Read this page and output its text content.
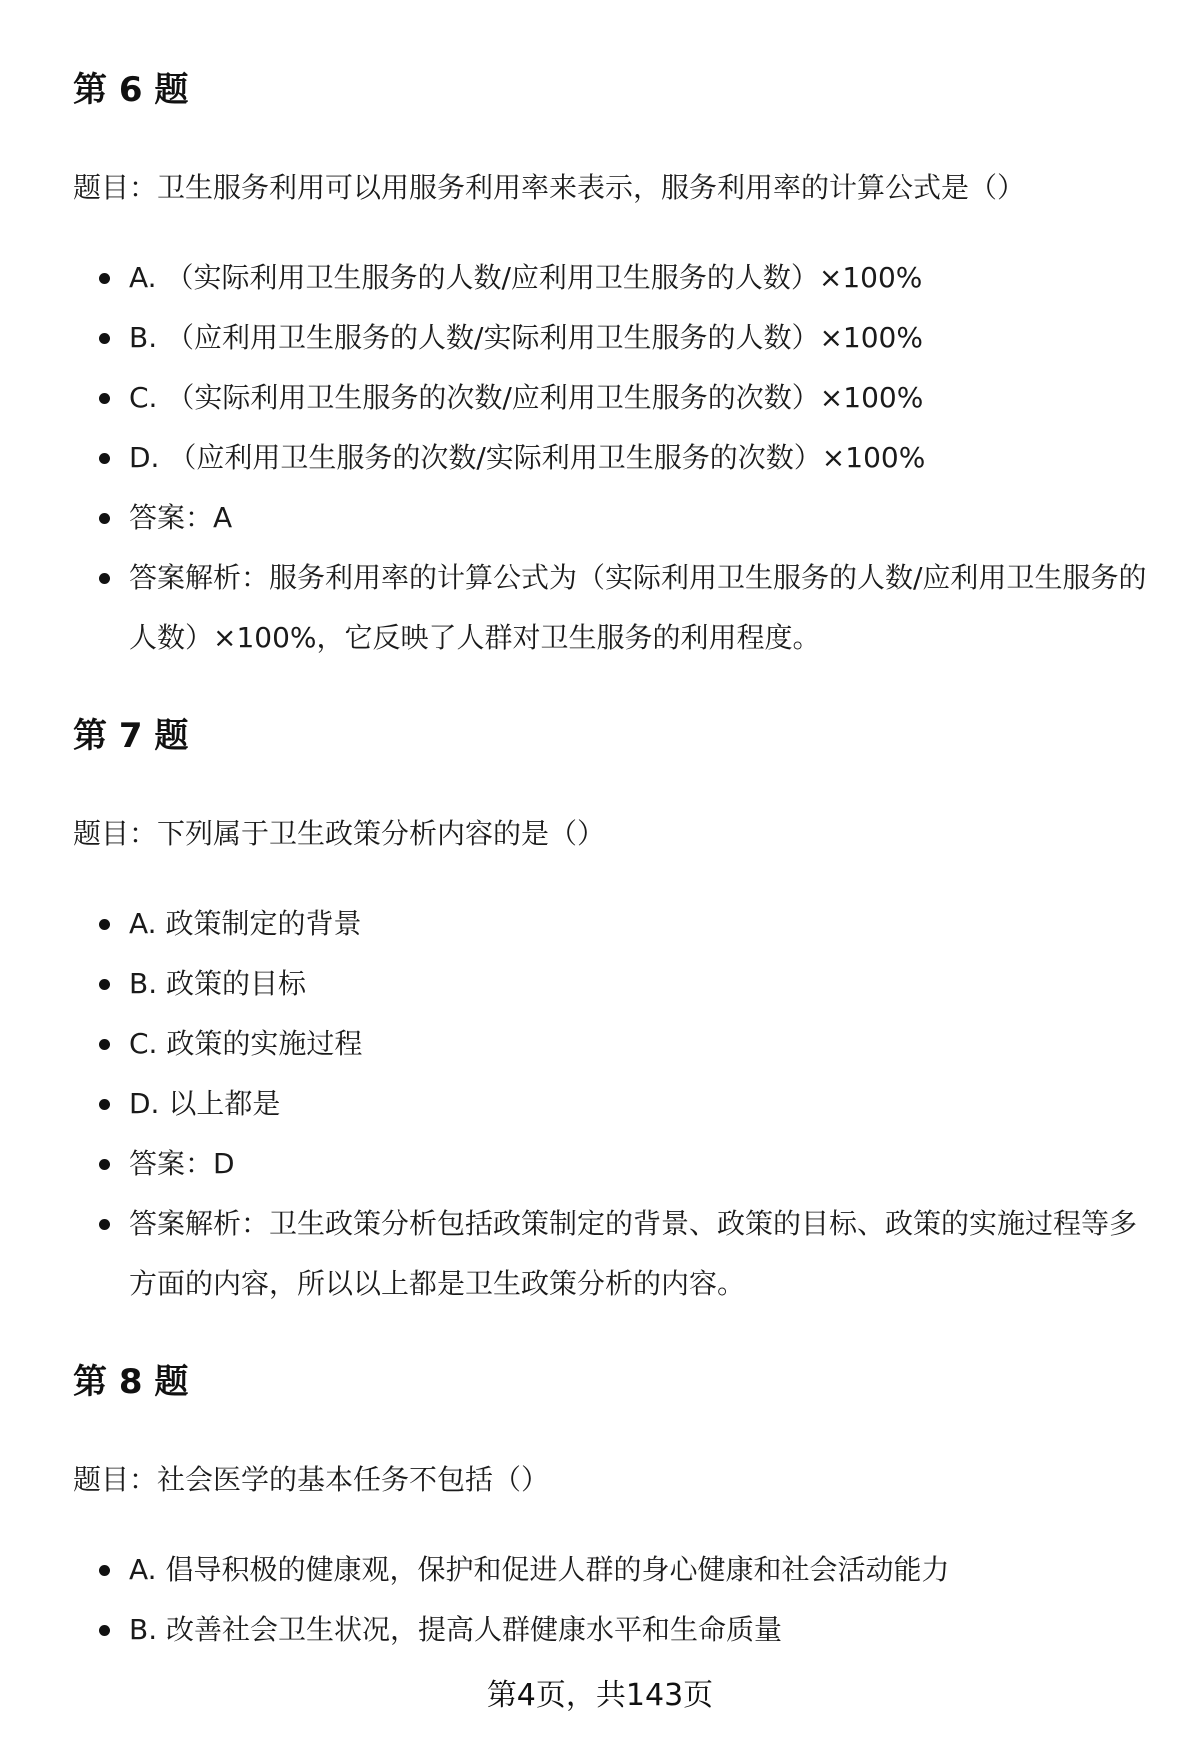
第 6 题

题目：卫生服务利用可以用服务利用率来表示，服务利用率的计算公式是（）

A. （实际利用卫生服务的人数/应利用卫生服务的人数）×100%
B. （应利用卫生服务的人数/实际利用卫生服务的人数）×100%
C. （实际利用卫生服务的次数/应利用卫生服务的次数）×100%
D. （应利用卫生服务的次数/实际利用卫生服务的次数）×100%
答案：A
答案解析：服务利用率的计算公式为（实际利用卫生服务的人数/应利用卫生服务的人数）×100%，它反映了人群对卫生服务的利用程度。
第 7 题

题目：下列属于卫生政策分析内容的是（）

A. 政策制定的背景
B. 政策的目标
C. 政策的实施过程
D. 以上都是
答案：D
答案解析：卫生政策分析包括政策制定的背景、政策的目标、政策的实施过程等多方面的内容，所以以上都是卫生政策分析的内容。
第 8 题

题目：社会医学的基本任务不包括（）

A. 倡导积极的健康观，保护和促进人群的身心健康和社会活动能力
B. 改善社会卫生状况，提高人群健康水平和生命质量
第4页，共143页
